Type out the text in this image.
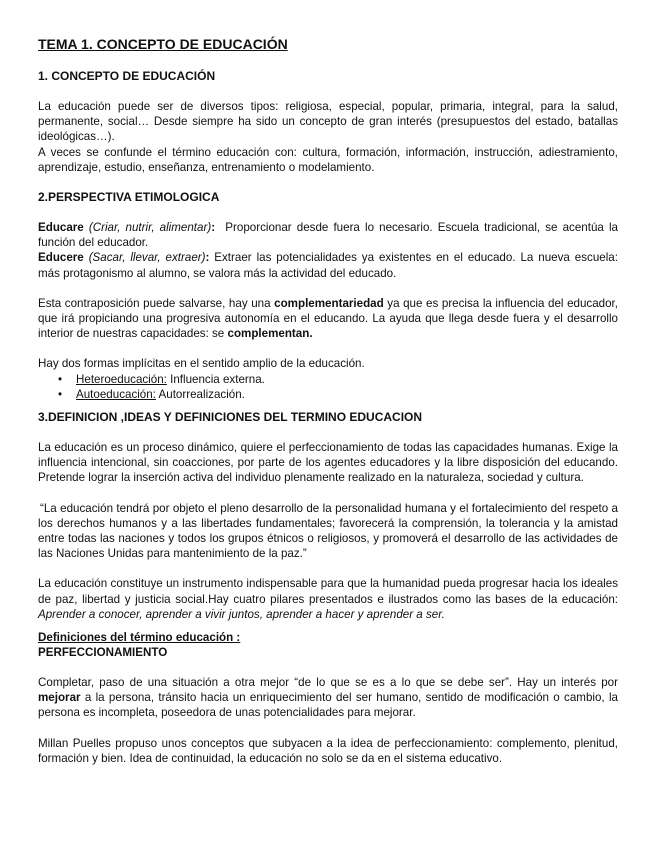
TEMA 1. CONCEPTO DE EDUCACIÓN
1. CONCEPTO DE EDUCACIÓN

La educación puede ser de diversos tipos: religiosa, especial, popular, primaria, integral, para la salud, permanente, social… Desde siempre ha sido un concepto de gran interés (presupuestos del estado, batallas ideológicas…).

A veces se confunde el término educación con: cultura, formación, información, instrucción, adiestramiento, aprendizaje, estudio, enseñanza, entrenamiento o modelamiento.

2.PERSPECTIVA ETIMOLOGICA

Educare (Criar, nutrir, alimentar): Proporcionar desde fuera lo necesario. Escuela tradicional, se acentúa la función del educador.

Educere (Sacar, llevar, extraer): Extraer las potencialidades ya existentes en el educado. La nueva escuela: más protagonismo al alumno, se valora más la actividad del educado.

Esta contraposición puede salvarse, hay una complementariedad ya que es precisa la influencia del educador, que irá propiciando una progresiva autonomía en el educando. La ayuda que llega desde fuera y el desarrollo interior de nuestras capacidades: se complementan.

Hay dos formas implícitas en el sentido amplio de la educación.

• Heteroeducación: Influencia externa.
• Autoeducación: Autorrealización.
3.DEFINICION ,IDEAS Y DEFINICIONES DEL TERMINO EDUCACION

La educación es un proceso dinámico, quiere el perfeccionamiento de todas las capacidades humanas. Exige la influencia intencional, sin coacciones, por parte de los agentes educadores y la libre disposición del educando. Pretende lograr la inserción activa del individuo plenamente realizado en la naturaleza, sociedad y cultura.

“La educación tendrá por objeto el pleno desarrollo de la personalidad humana y el fortalecimiento del respeto a los derechos humanos y a las libertades fundamentales; favorecerá la comprensión, la tolerancia y la amistad entre todas las naciones y todos los grupos étnicos o religiosos, y promoverá el desarrollo de las actividades de las Naciones Unidas para mantenimiento de la paz.”

La educación constituye un instrumento indispensable para que la humanidad pueda progresar hacia los ideales de paz, libertad y justicia social.Hay cuatro pilares presentados e ilustrados como las bases de la educación: Aprender a conocer, aprender a vivir juntos, aprender a hacer y aprender a ser.

Definiciones del término educación :
PERFECCIONAMIENTO

Completar, paso de una situación a otra mejor “de lo que se es a lo que se debe ser”. Hay un interés por mejorar a la persona, tránsito hacia un enriquecimiento del ser humano, sentido de modificación o cambio, la persona es incompleta, poseedora de unas potencialidades para mejorar.

Millan Puelles propuso unos conceptos que subyacen a la idea de perfeccionamiento: complemento, plenitud, formación y bien. Idea de continuidad, la educación no solo se da en el sistema educativo.
